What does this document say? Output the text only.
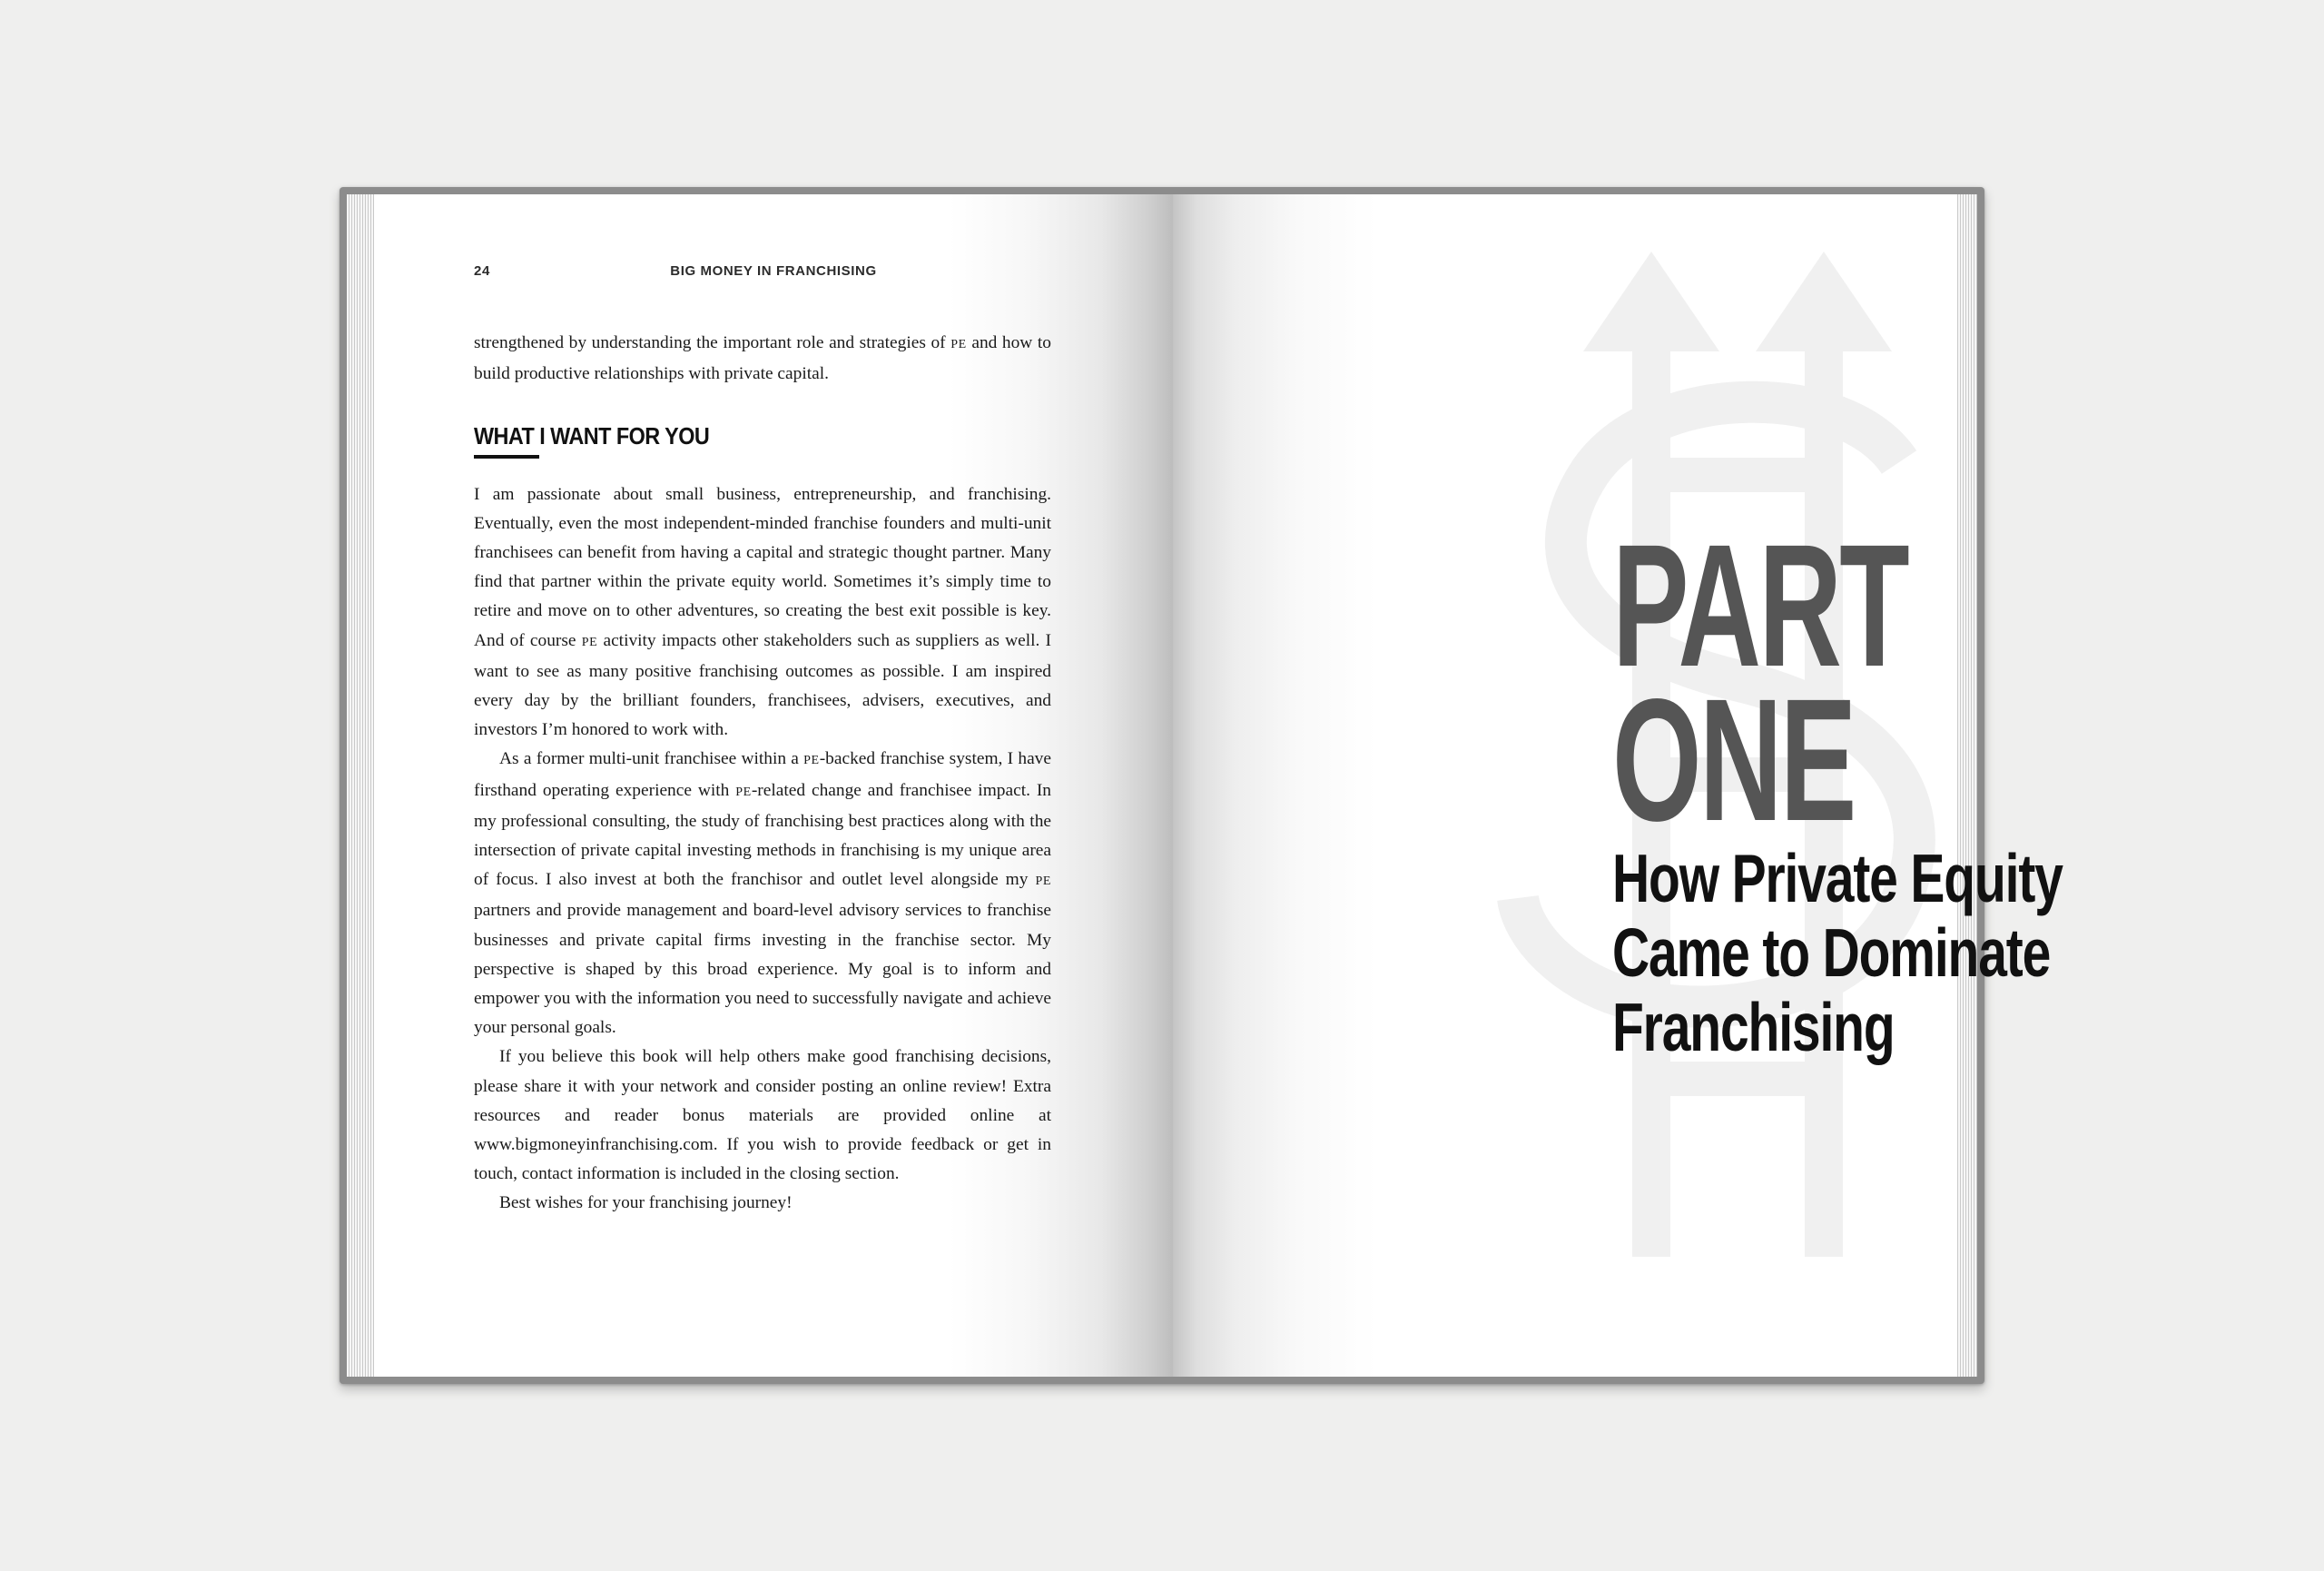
24	BIG MONEY IN FRANCHISING

strengthened by understanding the important role and strategies of PE and how to build productive relationships with private capital.

WHAT I WANT FOR YOU

I am passionate about small business, entrepreneurship, and franchising. Eventually, even the most independent-minded franchise founders and multi-unit franchisees can benefit from having a capital and strategic thought partner. Many find that partner within the private equity world. Sometimes it’s simply time to retire and move on to other adventures, so creating the best exit possible is key. And of course PE activity impacts other stakeholders such as suppliers as well. I want to see as many positive franchising outcomes as possible. I am inspired every day by the brilliant founders, franchisees, advisers, executives, and investors I’m honored to work with.

As a former multi-unit franchisee within a PE-backed franchise system, I have firsthand operating experience with PE-related change and franchisee impact. In my professional consulting, the study of franchising best practices along with the intersection of private capital investing methods in franchising is my unique area of focus. I also invest at both the franchisor and outlet level alongside my PE partners and provide management and board-level advisory services to franchise businesses and private capital firms investing in the franchise sector. My perspective is shaped by this broad experience. My goal is to inform and empower you with the information you need to successfully navigate and achieve your personal goals.

If you believe this book will help others make good franchising decisions, please share it with your network and consider posting an online review! Extra resources and reader bonus materials are provided online at www.bigmoneyinfranchising.com. If you wish to provide feedback or get in touch, contact information is included in the closing section.

Best wishes for your franchising journey!

PART
ONE
How Private Equity
Came to Dominate
Franchising
